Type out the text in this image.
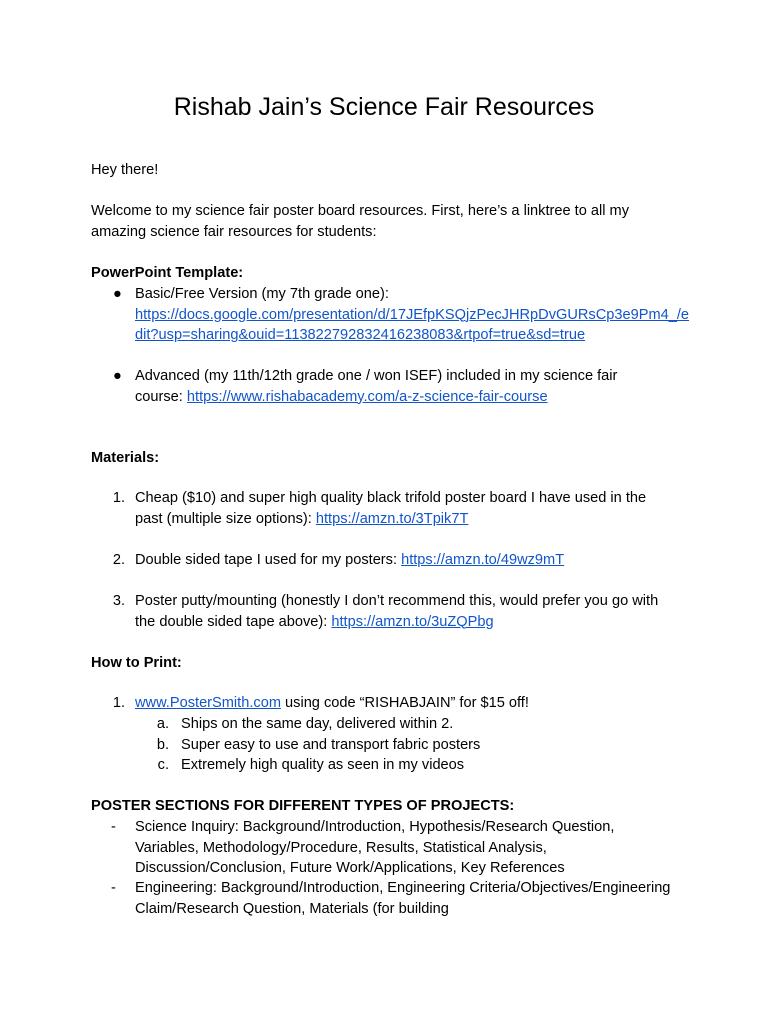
Rishab Jain’s Science Fair Resources
Hey there!
Welcome to my science fair poster board resources. First, here’s a linktree to all my amazing science fair resources for students:
PowerPoint Template:
● Basic/Free Version (my 7th grade one):
https://docs.google.com/presentation/d/17JEfpKSQjzPecJHRpDvGURsCp3e9Pm4_/edit?usp=sharing&ouid=113822792832416238083&rtpof=true&sd=true
● Advanced (my 11th/12th grade one / won ISEF) included in my science fair course: https://www.rishabacademy.com/a-z-science-fair-course
Materials:
1. Cheap ($10) and super high quality black trifold poster board I have used in the past (multiple size options): https://amzn.to/3Tpik7T
2. Double sided tape I used for my posters: https://amzn.to/49wz9mT
3. Poster putty/mounting (honestly I don’t recommend this, would prefer you go with the double sided tape above): https://amzn.to/3uZQPbg
How to Print:
1. www.PosterSmith.com using code “RISHABJAIN” for $15 off!
a. Ships on the same day, delivered within 2.
b. Super easy to use and transport fabric posters
c. Extremely high quality as seen in my videos
POSTER SECTIONS FOR DIFFERENT TYPES OF PROJECTS:
-	Science Inquiry: Background/Introduction, Hypothesis/Research Question, Variables, Methodology/Procedure, Results, Statistical Analysis, Discussion/Conclusion, Future Work/Applications, Key References
-	Engineering: Background/Introduction, Engineering Criteria/Objectives/Engineering Claim/Research Question, Materials (for building
